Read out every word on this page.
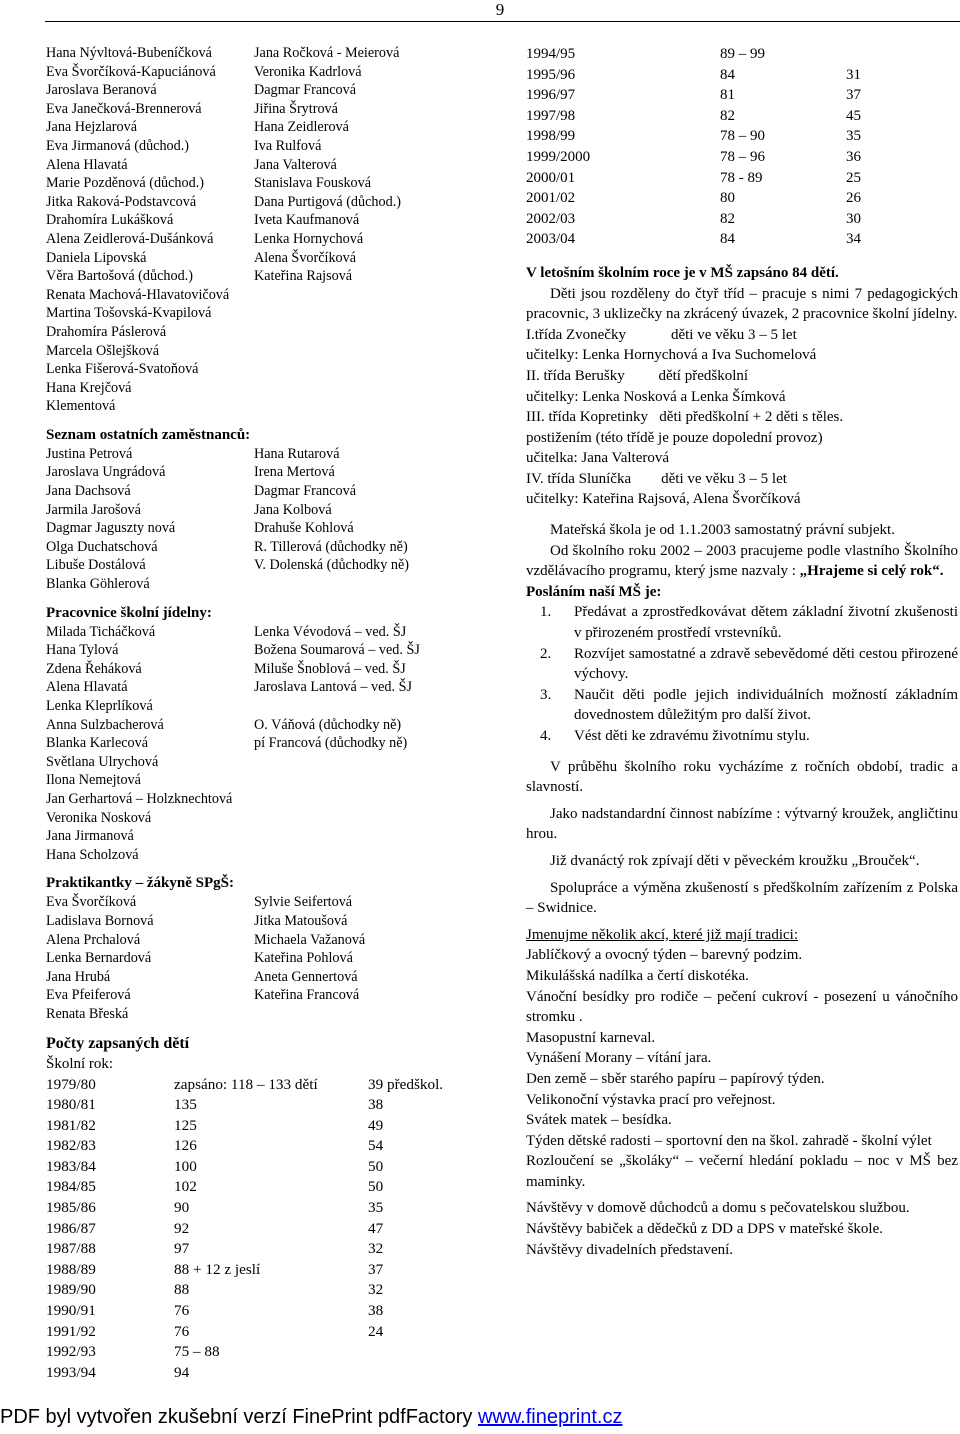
9
Hana Nývltová-Bubeníčková	Jana Ročková - Meierová
Eva Švorčíková-Kapuciánová	Veronika Kadrlová
Jaroslava Beranová	Dagmar Francová
Eva Janečková-Brennerová	Jiřina Šrytrová
Jana Hejzlarová	Hana Zeidlerová
Eva Jirmanová (důchod.)	Iva Rulfová
Alena Hlavatá	Jana Valterová
Marie Pozděnová (důchod.)	Stanislava Fousková
Jitka Raková-Podstavcová	Dana Purtigová (důchod.)
Drahomíra Lukášková	Iveta Kaufmanová
Alena Zeidlerová-Dušánková	Lenka Hornychová
Daniela Lipovská	Alena Švorčíková
Věra Bartošová (důchod.)	Kateřina Rajsová
Renata Machová-Hlavatovičová
Martina Tošovská-Kvapilová
Drahomíra Páslerová
Marcela Ošlejšková
Lenka Fišerová-Svatoňová
Hana Krejčová
Klementová
Seznam ostatních zaměstnanců:
Justina Petrová	Hana Rutarová
Jaroslava Ungrádová	Irena Mertová
Jana Dachsová	Dagmar Francová
Jarmila Jarošová	Jana Kolbová
Dagmar Jaguszty nová	Drahuše Kohlová
Olga Duchatschová	R. Tillerová (důchodky ně)
Libuše Dostálová	V. Dolenská (důchodky ně)
Blanka Göhlerová
Pracovnice školní jídelny:
Milada Ticháčková	Lenka Vévodová – ved. ŠJ
Hana Tylová	Božena Soumarová – ved. ŠJ
Zdena Řeháková	Miluše Šnoblová – ved. ŠJ
Alena Hlavatá	Jaroslava Lantová – ved. ŠJ
Lenka Kleprlíková
Anna Sulzbacherová	O. Váňová (důchodky ně)
Blanka Karlecová	pí Francová (důchodky ně)
Světlana Ulrychová
Ilona Nemejtová
Jan Gerhartová – Holzknechtová
Veronika Nosková
Jana Jirmanová
Hana Scholzová
Praktikantky – žákyně SPgŠ:
Eva Švorčíková	Sylvie Seifertová
Ladislava Bornová	Jitka Matoušová
Alena Prchalová	Michaela Važanová
Lenka Bernardová	Kateřina Pohlová
Jana Hrubá	Aneta Gennertová
Eva Pfeiferová	Kateřina Francová
Renata Břeská
Počty zapsaných dětí
Školní rok:
1979/80	zapsáno: 118 – 133 dětí	39 předškol.
1980/81	135	38
1981/82	125	49
1982/83	126	54
1983/84	100	50
1984/85	102	50
1985/86	90	35
1986/87	92	47
1987/88	97	32
1988/89	88 + 12 z jeslí	37
1989/90	88	32
1990/91	76	38
1991/92	76	24
1992/93	75 – 88
1993/94	94
1994/95	89 – 99
1995/96	84	31
1996/97	81	37
1997/98	82	45
1998/99	78 – 90	35
1999/2000	78 – 96	36
2000/01	78 - 89	25
2001/02	80	26
2002/03	82	30
2003/04	84	34

V letošním školním roce je v MŠ zapsáno 84 dětí.

Děti jsou rozděleny do čtyř tříd – pracuje s nimi 7 pedagogických pracovnic, 3 uklizečky na zkrácený úvazek, 2 pracovnice školní jídelny.

I.třída Zvonečky            děti ve věku 3 – 5 let
učitelky: Lenka Hornychová a Iva Suchomelová
II. třída Berušky         dětí předškolní
učitelky: Lenka Nosková a Lenka Šímková
III. třída Kopretinky   děti předškolní + 2 děti s těles.
postižením (této třídě je pouze dopolední provoz)
učitelka: Jana Valterová
IV. třída Sluníčka        děti ve věku 3 – 5 let
učitelky: Kateřina Rajsová, Alena Švorčíková

Mateřská škola je od 1.1.2003 samostatný právní subjekt.

Od školního roku 2002 – 2003 pracujeme podle vlastního Školního vzdělávacího programu, který jsme nazvaly : „Hrajeme si celý rok“.

Posláním naší MŠ je:

1.	Předávat a zprostředkovávat dětem základní životní zkušenosti v přirozeném prostředí vrstevníků.
2.	Rozvíjet samostatné a zdravě sebevědomé děti cestou přirozené výchovy.
3.	Naučit děti podle jejich individuálních možností základním dovednostem důležitým pro další život.
4.	Vést děti ke zdravému životnímu stylu.

V průběhu školního roku vycházíme z ročních období, tradic a slavností.

Jako nadstandardní činnost nabízíme : výtvarný kroužek, angličtinu hrou.

Již dvanáctý rok zpívají děti v pěveckém kroužku „Brouček“.

Spolupráce a výměna zkušeností s předškolním zařízením z Polska – Swidnice.

Jmenujme několik akcí, které již mají tradici:

Jablíčkový a ovocný týden – barevný podzim.

Mikulášská nadílka a čertí diskotéka.

Vánoční besídky pro rodiče – pečení cukroví - posezení u vánočního stromku .

Masopustní karneval.

Vynášení Morany – vítání jara.

Den země – sběr starého papíru – papírový týden.

Velikonoční výstavka prací pro veřejnost.

Svátek matek – besídka.

Týden dětské radosti – sportovní den na škol. zahradě - školní výlet

Rozloučení se „školáky“ – večerní hledání pokladu – noc v MŠ bez maminky.

Návštěvy v domově důchodců a domu s pečovatelskou službou.

Návštěvy babiček a dědečků z DD a DPS v mateřské škole.

Návštěvy divadelních představení.

PDF byl vytvořen zkušební verzí FinePrint pdfFactory www.fineprint.cz
